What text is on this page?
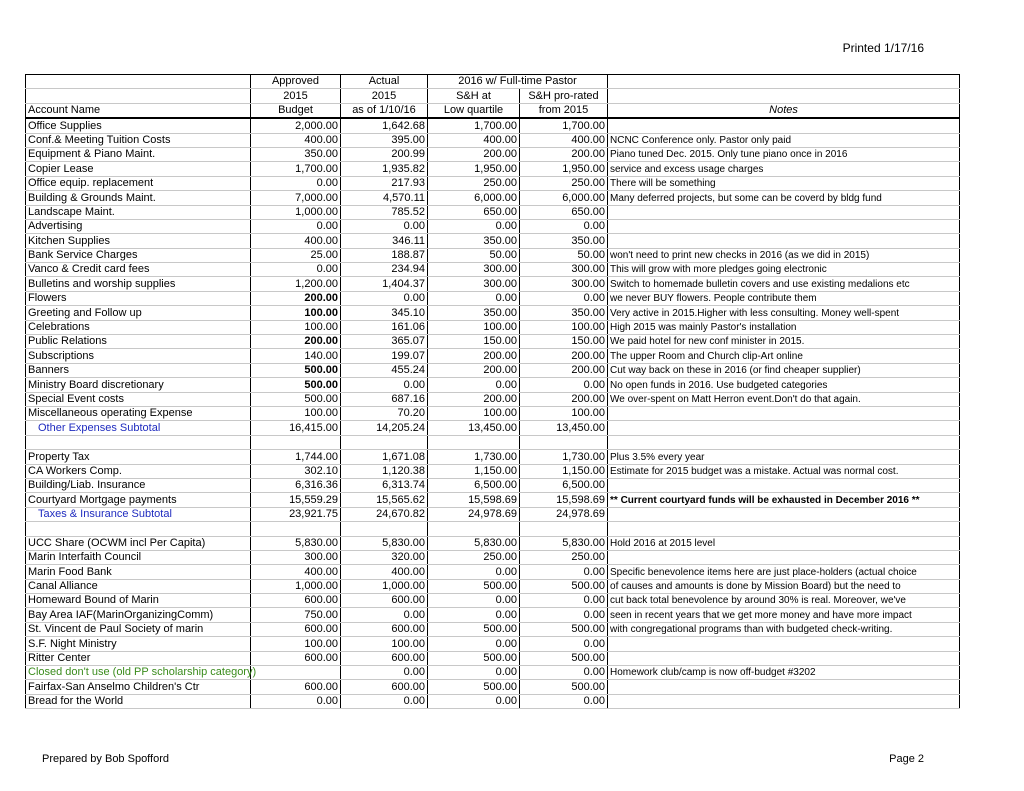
Printed 1/17/16
	Approved	Actual	2016 w/ Full-time Pastor		
	2015	2015	S&H at	S&H pro-rated	
Account Name	Budget	as of 1/10/16	Low quartile	from 2015	Notes
Office Supplies	2,000.00	1,642.68	1,700.00	1,700.00	
Conf.& Meeting Tuition Costs	400.00	395.00	400.00	400.00	NCNC Conference only. Pastor only paid
Equipment & Piano Maint.	350.00	200.99	200.00	200.00	Piano tuned Dec. 2015. Only tune piano once in 2016
Copier Lease	1,700.00	1,935.82	1,950.00	1,950.00	service and excess usage charges
Office equip. replacement	0.00	217.93	250.00	250.00	There will be something
Building & Grounds Maint.	7,000.00	4,570.11	6,000.00	6,000.00	Many deferred projects, but some can be coverd by bldg fund
Landscape Maint.	1,000.00	785.52	650.00	650.00	
Advertising	0.00	0.00	0.00	0.00	
Kitchen Supplies	400.00	346.11	350.00	350.00	
Bank Service Charges	25.00	188.87	50.00	50.00	won't need to print new checks in 2016 (as we did in 2015)
Vanco & Credit card fees	0.00	234.94	300.00	300.00	This will grow with more pledges going electronic
Bulletins and worship supplies	1,200.00	1,404.37	300.00	300.00	Switch to homemade bulletin covers and use existing medalions etc
Flowers	200.00	0.00	0.00	0.00	we never BUY flowers. People contribute them
Greeting and Follow up	100.00	345.10	350.00	350.00	Very active in 2015.Higher with less consulting. Money well-spent
Celebrations	100.00	161.06	100.00	100.00	High 2015 was mainly Pastor's installation
Public Relations	200.00	365.07	150.00	150.00	We paid hotel for new conf minister in 2015.
Subscriptions	140.00	199.07	200.00	200.00	The upper Room and Church clip-Art online
Banners	500.00	455.24	200.00	200.00	Cut way back on these in 2016 (or find cheaper supplier)
Ministry Board discretionary	500.00	0.00	0.00	0.00	No open funds in 2016. Use budgeted categories
Special Event costs	500.00	687.16	200.00	200.00	We over-spent on Matt Herron event.Don't do that again.
Miscellaneous operating Expense	100.00	70.20	100.00	100.00	
Other Expenses Subtotal	16,415.00	14,205.24	13,450.00	13,450.00	

Property Tax	1,744.00	1,671.08	1,730.00	1,730.00	Plus 3.5% every year
CA Workers Comp.	302.10	1,120.38	1,150.00	1,150.00	Estimate for 2015 budget was a mistake. Actual was normal cost.
Building/Liab. Insurance	6,316.36	6,313.74	6,500.00	6,500.00	
Courtyard Mortgage payments	15,559.29	15,565.62	15,598.69	15,598.69	** Current courtyard funds will be exhausted in December 2016 **
Taxes & Insurance Subtotal	23,921.75	24,670.82	24,978.69	24,978.69	

UCC Share (OCWM incl Per Capita)	5,830.00	5,830.00	5,830.00	5,830.00	Hold 2016 at 2015 level
Marin Interfaith Council	300.00	320.00	250.00	250.00	
Marin Food Bank	400.00	400.00	0.00	0.00	Specific benevolence items here are just place-holders (actual choice
Canal Alliance	1,000.00	1,000.00	500.00	500.00	of causes and amounts is done by Mission Board) but the need to
Homeward Bound of Marin	600.00	600.00	0.00	0.00	cut back total benevolence by around 30% is real. Moreover, we've
Bay Area IAF(MarinOrganizingComm)	750.00	0.00	0.00	0.00	seen in recent years that we get more money and have more impact
St. Vincent de Paul Society of marin	600.00	600.00	500.00	500.00	with congregational programs than with budgeted check-writing.
S.F. Night Ministry	100.00	100.00	0.00	0.00	
Ritter Center	600.00	600.00	500.00	500.00	
Closed don't use (old PP scholarship category)		0.00	0.00	0.00	Homework club/camp is now off-budget #3202
Fairfax-San Anselmo Children's Ctr	600.00	600.00	500.00	500.00	
Bread for the World	0.00	0.00	0.00	0.00	
Prepared by Bob Spofford	Page 2
